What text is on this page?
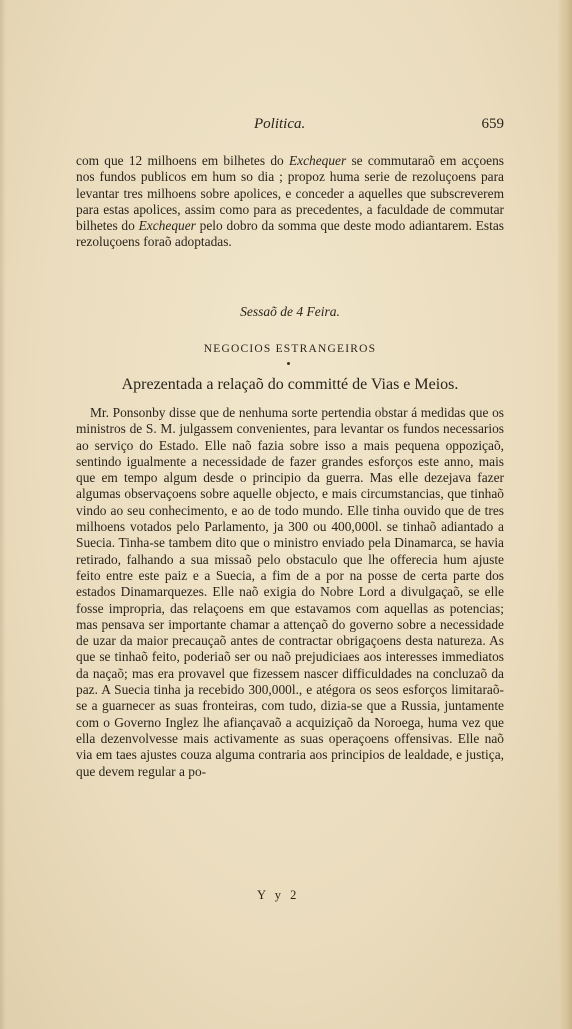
Politica.	659

com que 12 milhoens em bilhetes do Exchequer se commutaraõ em acçoens nos fundos publicos em hum so dia ; propoz huma serie de rezoluçoens para levantar tres milhoens sobre apolices, e conceder a aquelles que subscreverem para estas apolices, assim como para as precedentes, a faculdade de commutar bilhetes do Exchequer pelo dobro da somma que deste modo adiantarem. Estas rezoluçoens foraõ adoptadas.

Sessaõ de 4 Feira.
NEGOCIOS ESTRANGEIROS
Aprezentada a relaçaõ do committé de Vias e Meios.

Mr. Ponsonby disse que de nenhuma sorte pertendia obstar á medidas que os ministros de S. M. julgassem convenientes, para levantar os fundos necessarios ao serviço do Estado. Elle naõ fazia sobre isso a mais pequena oppoziçaõ, sentindo igualmente a necessidade de fazer grandes esforços este anno, mais que em tempo algum desde o principio da guerra. Mas elle dezejava fazer algumas observaçoens sobre aquelle objecto, e mais circumstancias, que tinhaõ vindo ao seu conhecimento, e ao de todo mundo. Elle tinha ouvido que de tres milhoens votados pelo Parlamento, ja 300 ou 400,000l. se tinhaõ adiantado a Suecia. Tinha-se tambem dito que o ministro enviado pela Dinamarca, se havia retirado, falhando a sua missaõ pelo obstaculo que lhe offerecia hum ajuste feito entre este paiz e a Suecia, a fim de a por na posse de certa parte dos estados Dinamarquezes. Elle naõ exigia do Nobre Lord a divulgaçaõ, se elle fosse impropria, das relaçoens em que estavamos com aquellas as potencias; mas pensava ser importante chamar a attençaõ do governo sobre a necessidade de uzar da maior precauçaõ antes de contractar obrigaçoens desta natureza. As que se tinhaõ feito, poderiaõ ser ou naõ prejudiciaes aos interesses immediatos da naçaõ; mas era provavel que fizessem nascer difficuldades na concluzaõ da paz. A Suecia tinha ja recebido 300,000l., e atégora os seos esforços limitaraõ-se a guarnecer as suas fronteiras, com tudo, dizia-se que a Russia, juntamente com o Governo Inglez lhe afiançavaõ a acquiziçaõ da Noroega, huma vez que ella dezenvolvesse mais activamente as suas operaçoens offensivas. Elle naõ via em taes ajustes couza alguma contraria aos principios de lealdade, e justiça, que devem regular a po-

Y y 2
